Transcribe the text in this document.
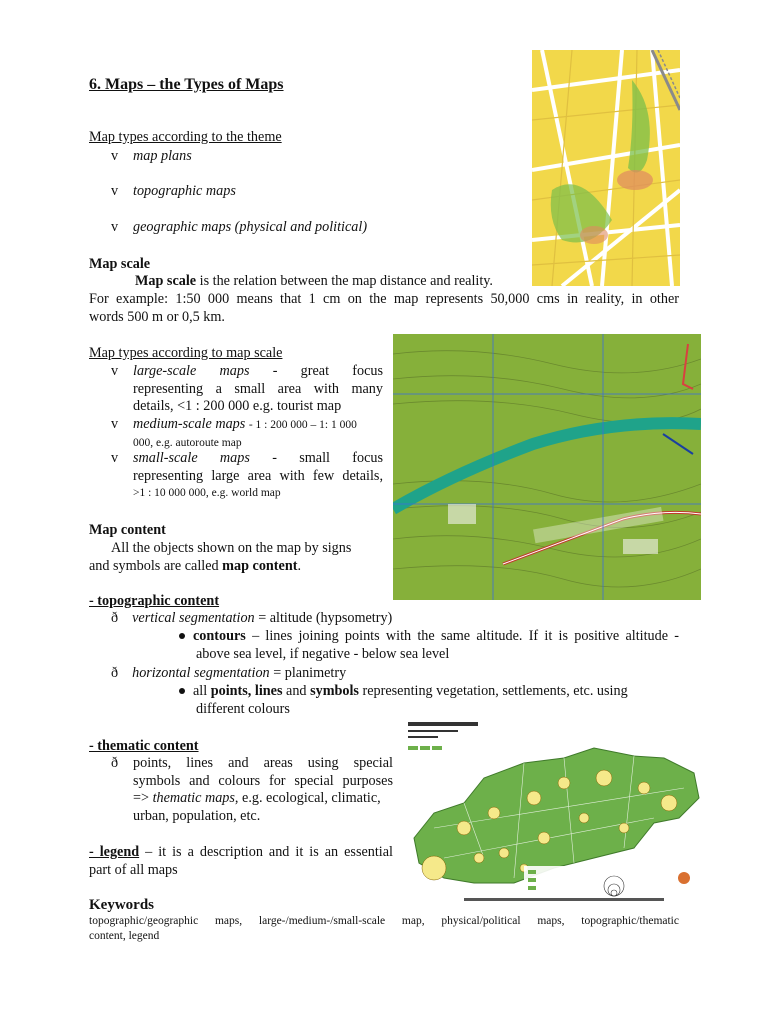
6. Maps – the Types of Maps
Map types according to the theme
v map plans
v topographic maps
v geographic maps (physical and political)
Map scale
Map scale is the relation between the map distance and reality.
For example: 1:50 000 means that 1 cm on the map represents 50,000 cms in reality, in other
words 500 m or 0,5 km.
Map types according to map scale
v large-scale maps - great focus
representing a small area with many
details, <1 : 200 000 e.g. tourist map
v medium-scale maps - 1 : 200 000 – 1: 1 000
000, e.g. autoroute map
v small-scale maps - small focus
representing large area with few details,
>1 : 10 000 000, e.g. world map
Map content
All the objects shown on the map by signs
and symbols are called map content.
- topographic content
ð vertical segmentation = altitude (hypsometry)
contours – lines joining points with the same altitude. If it is positive altitude -
above sea level, if negative - below sea level
ð horizontal segmentation = planimetry
all points, lines and symbols representing vegetation, settlements, etc. using
different colours
- thematic content
ð points, lines and areas using special
symbols and colours for special purposes
=> thematic maps, e.g. ecological, climatic,
urban, population, etc.
- legend – it is a description and it is an essential
part of all maps
Keywords
topographic/geographic maps, large-/medium-/small-scale map, physical/political maps, topographic/thematic
content, legend
